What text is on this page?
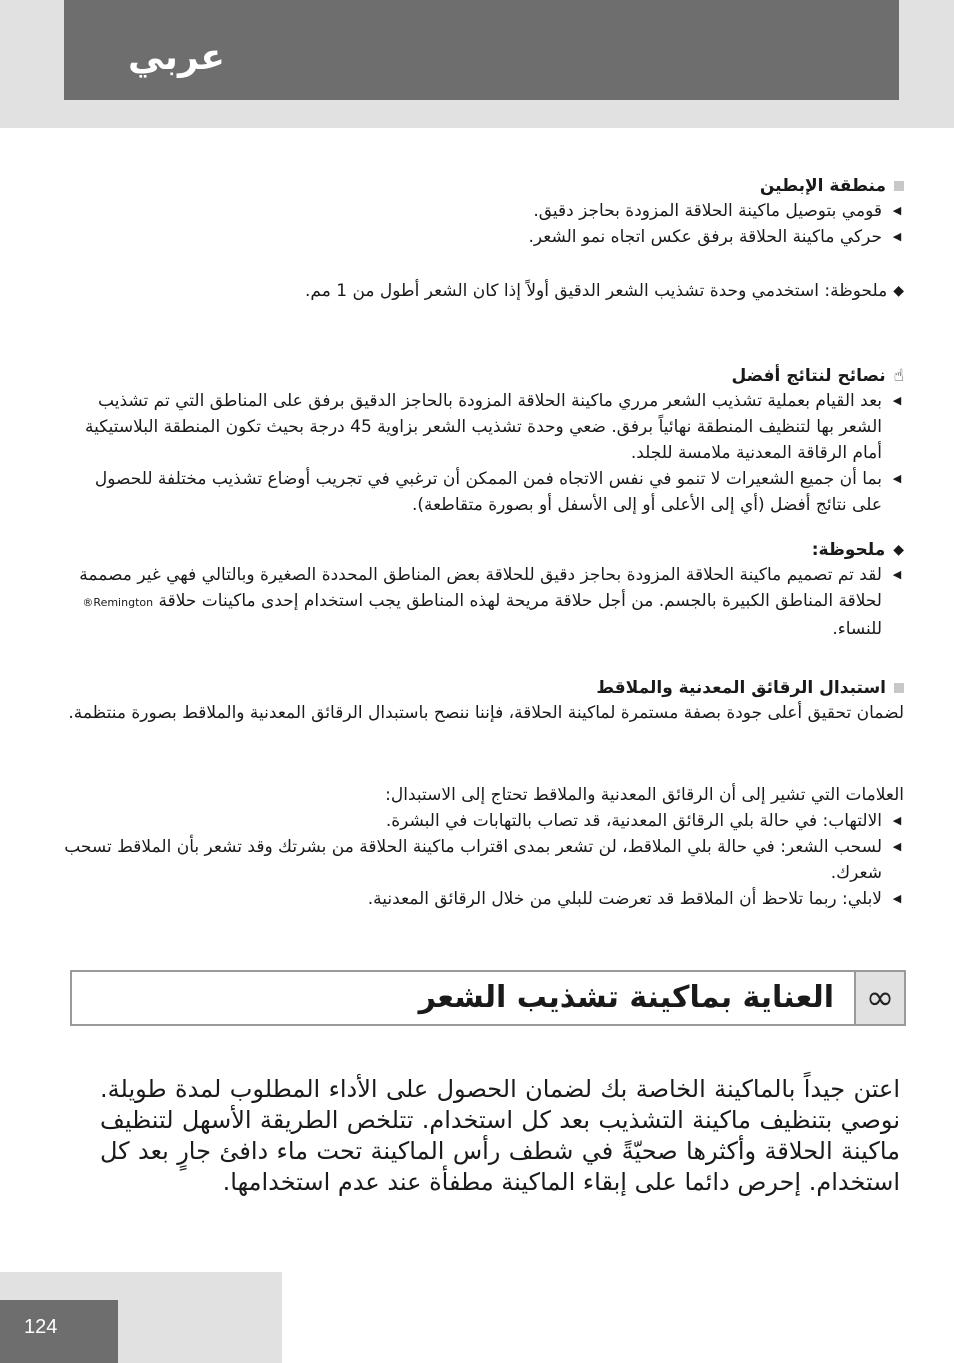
عربي
منطقة الإبطين
◀
قومي بتوصيل ماكينة الحلاقة المزودة بحاجز دقيق.
◀
حركي ماكينة الحلاقة برفق عكس اتجاه نمو الشعر.
◆
ملحوظة: استخدمي وحدة تشذيب الشعر الدقيق أولاً إذا كان الشعر أطول من 1 مم.
☝
نصائح لنتائج أفضل
◀
بعد القيام بعملية تشذيب الشعر مرري ماكينة الحلاقة المزودة بالحاجز الدقيق برفق على المناطق التي تم تشذيب الشعر بها لتنظيف المنطقة نهائياً برفق. ضعي وحدة تشذيب الشعر بزاوية 45 درجة بحيث تكون المنطقة البلاستيكية أمام الرقاقة المعدنية ملامسة للجلد.
◀
بما أن جميع الشعيرات لا تنمو في نفس الاتجاه فمن الممكن أن ترغبي في تجريب أوضاع تشذيب مختلفة للحصول على نتائج أفضل (أي إلى الأعلى أو إلى الأسفل أو بصورة متقاطعة).
◆
ملحوظة:
◀
لقد تم تصميم ماكينة الحلاقة المزودة بحاجز دقيق للحلاقة بعض المناطق المحددة الصغيرة وبالتالي فهي غير مصممة لحلاقة المناطق الكبيرة بالجسم. من أجل حلاقة مريحة لهذه المناطق يجب استخدام إحدى ماكينات حلاقة Remington® للنساء.
استبدال الرقائق المعدنية والملاقط
لضمان تحقيق أعلى جودة بصفة مستمرة لماكينة الحلاقة، فإننا ننصح باستبدال الرقائق المعدنية والملاقط بصورة منتظمة.
العلامات التي تشير إلى أن الرقائق المعدنية والملاقط تحتاج إلى الاستبدال:
◀
الالتهاب: في حالة بلي الرقائق المعدنية، قد تصاب بالتهابات في البشرة.
◀
لسحب الشعر: في حالة بلي الملاقط، لن تشعر بمدى اقتراب ماكينة الحلاقة من بشرتك وقد تشعر بأن الملاقط تسحب شعرك.
◀
لابلي: ربما تلاحظ أن الملاقط قد تعرضت للبلي من خلال الرقائق المعدنية.
∞
العناية بماكينة تشذيب الشعر
اعتن جيداً بالماكينة الخاصة بك لضمان الحصول على الأداء المطلوب لمدة طويلة. نوصي بتنظيف ماكينة التشذيب بعد كل استخدام. تتلخص الطريقة الأسهل لتنظيف ماكينة الحلاقة وأكثرها صحيّةً في شطف رأس الماكينة تحت ماء دافئ جارٍ بعد كل استخدام. إحرص دائما على إبقاء الماكينة مطفأة عند عدم استخدامها.
124
